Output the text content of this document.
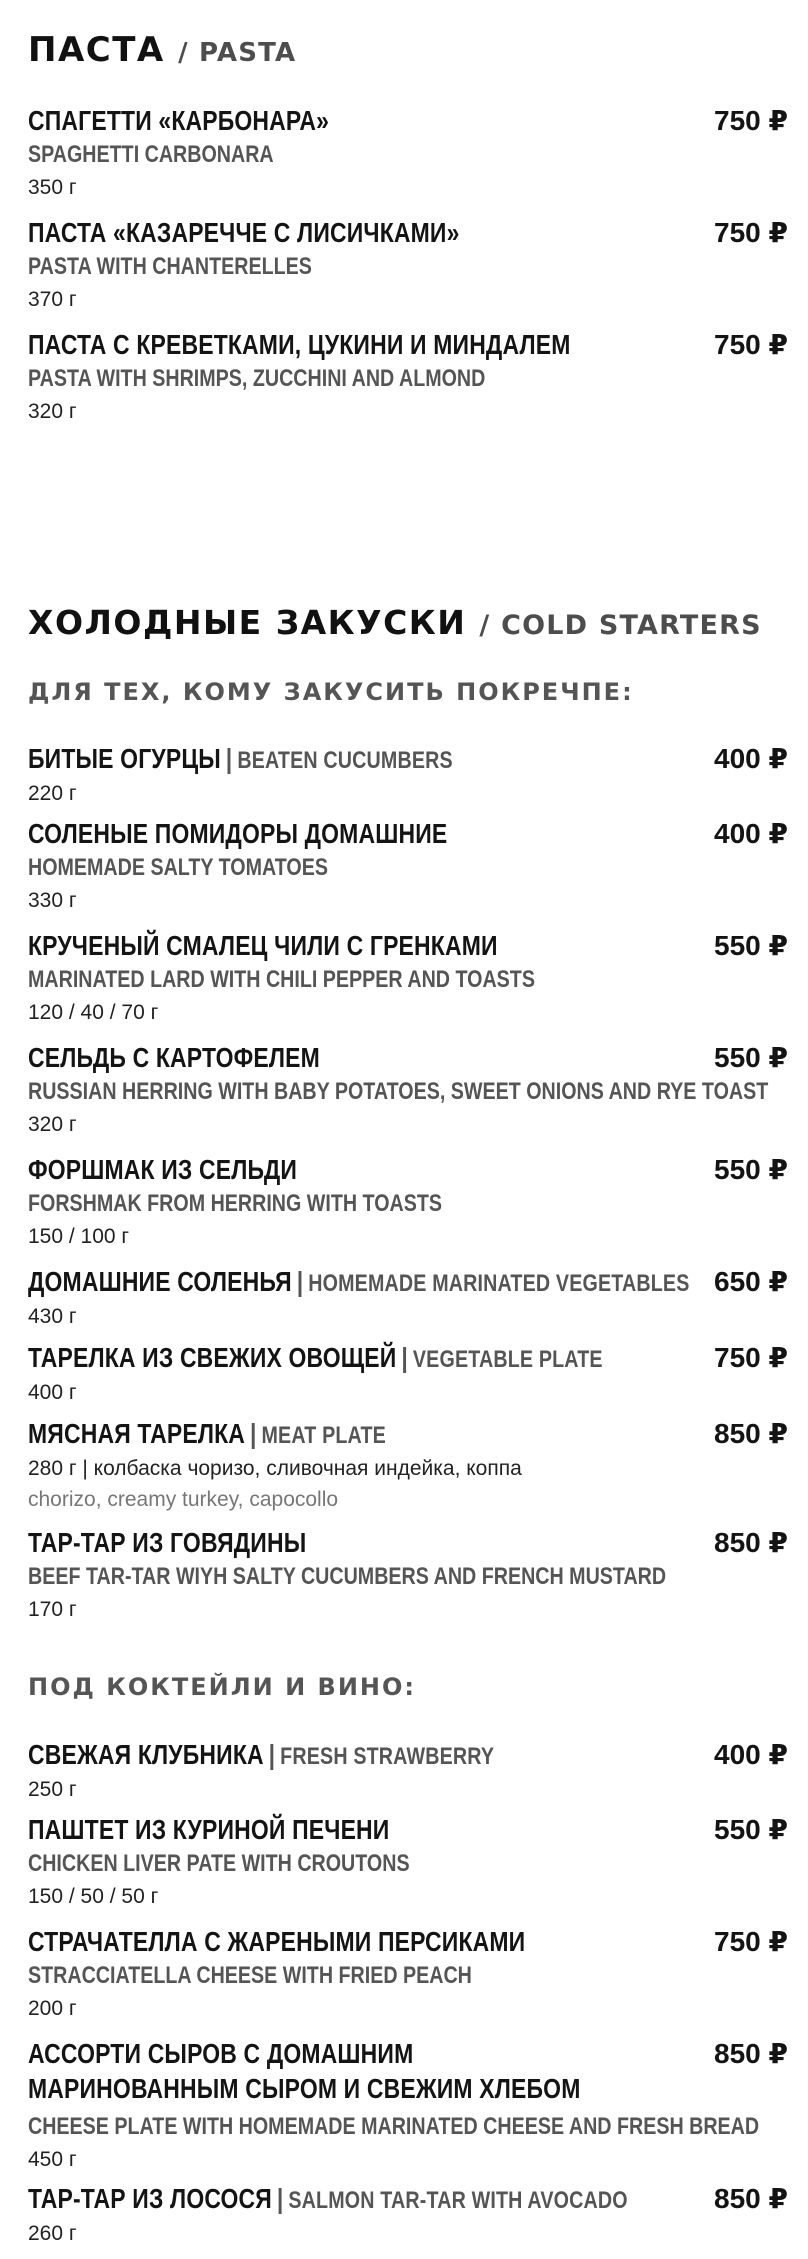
ПАСТА / PASTA
СПАГЕТТИ «КАРБОНАРА»
SPAGHETTI CARBONARA
350 г
750 ₽
ПАСТА «КАЗАРЕЧЧЕ С ЛИСИЧКАМИ»
PASTA WITH CHANTERELLES
370 г
750 ₽
ПАСТА С КРЕВЕТКАМИ, ЦУКИНИ И МИНДАЛЕМ
PASTA WITH SHRIMPS, ZUCCHINI AND ALMOND
320 г
750 ₽
ХОЛОДНЫЕ ЗАКУСКИ / COLD STARTERS
ДЛЯ ТЕХ, КОМУ ЗАКУСИТЬ ПОКРЕЧПЕ:
БИТЫЕ ОГУРЦЫ | BEATEN CUCUMBERS
220 г
400 ₽
СОЛЕНЫЕ ПОМИДОРЫ ДОМАШНИЕ
HOMEMADE SALTY TOMATOES
330 г
400 ₽
КРУЧЕНЫЙ СМАЛЕЦ ЧИЛИ С ГРЕНКАМИ
MARINATED LARD WITH CHILI PEPPER AND TOASTS
120 / 40 / 70 г
550 ₽
СЕЛЬДЬ С КАРТОФЕЛЕМ
RUSSIAN HERRING WITH BABY POTATOES, SWEET ONIONS AND RYE TOAST
320 г
550 ₽
ФОРШМАК ИЗ СЕЛЬДИ
FORSHMAK FROM HERRING WITH TOASTS
150 / 100 г
550 ₽
ДОМАШНИЕ СОЛЕНЬЯ | HOMEMADE MARINATED VEGETABLES
430 г
650 ₽
ТАРЕЛКА ИЗ СВЕЖИХ ОВОЩЕЙ | VEGETABLE PLATE
400 г
750 ₽
МЯСНАЯ ТАРЕЛКА | MEAT PLATE
280 г | колбаска чоризо, сливочная индейка, коппа
chorizo, creamy turkey, capocollo
850 ₽
ТАР-ТАР ИЗ ГОВЯДИНЫ
BEEF TAR-TAR WIYH SALTY CUCUMBERS AND FRENCH MUSTARD
170 г
850 ₽
ПОД КОКТЕЙЛИ И ВИНО:
СВЕЖАЯ КЛУБНИКА | FRESH STRAWBERRY
250 г
400 ₽
ПАШТЕТ ИЗ КУРИНОЙ ПЕЧЕНИ
CHICKEN LIVER PATE WITH CROUTONS
150 / 50 / 50 г
550 ₽
СТРАЧАТЕЛЛА С ЖАРЕНЫМИ ПЕРСИКАМИ
STRACCIATELLA CHEESE WITH FRIED PEACH
200 г
750 ₽
АССОРТИ СЫРОВ С ДОМАШНИМ
МАРИНОВАННЫМ СЫРОМ И СВЕЖИМ ХЛЕБОМ
CHEESE PLATE WITH HOMEMADE MARINATED CHEESE AND FRESH BREAD
450 г
850 ₽
ТАР-ТАР ИЗ ЛОСОСЯ | SALMON TAR-TAR WITH AVOCADO
260 г
850 ₽
